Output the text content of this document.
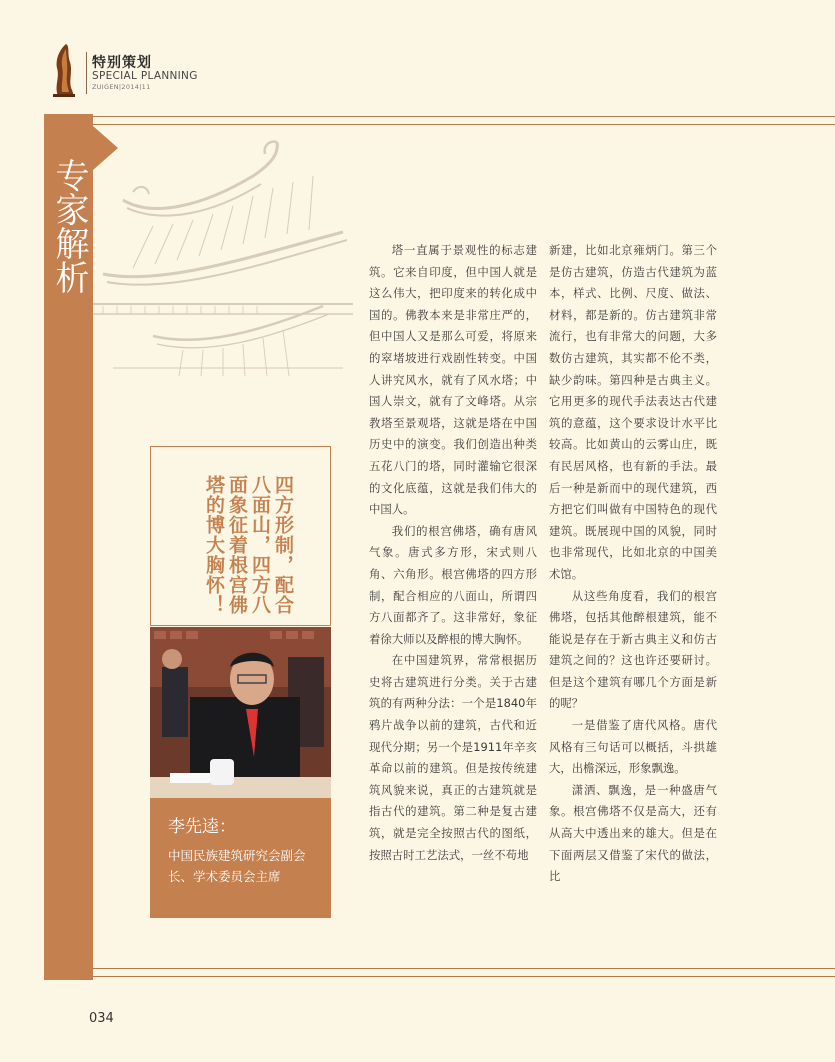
特别策划
SPECIAL PLANNING
ZUIGEN|2014|11
专家解析
四方形制，配合八面山，四方八面象征着根宫佛塔的博大胸怀！
李先逵：
中国民族建筑研究会副会长、学术委员会主席

塔一直属于景观性的标志建筑。它来自印度，但中国人就是这么伟大，把印度来的转化成中国的。佛教本来是非常庄严的，但中国人又是那么可爱，将原来的窣堵坡进行戏剧性转变。中国人讲究风水，就有了风水塔；中国人崇文，就有了文峰塔。从宗教塔至景观塔，这就是塔在中国历史中的演变。我们创造出种类五花八门的塔，同时灌输它很深的文化底蕴，这就是我们伟大的中国人。

我们的根宫佛塔，确有唐风气象。唐式多方形，宋式则八角、六角形。根宫佛塔的四方形制，配合相应的八面山，所谓四方八面都齐了。这非常好，象征着徐大师以及醉根的博大胸怀。

在中国建筑界，常常根据历史将古建筑进行分类。关于古建筑的有两种分法：一个是1840年鸦片战争以前的建筑，古代和近现代分期；另一个是1911年辛亥革命以前的建筑。但是按传统建筑风貌来说，真正的古建筑就是指古代的建筑。第二种是复古建筑，就是完全按照古代的图纸，按照古时工艺法式，一丝不苟地

新建，比如北京雍炳门。第三个是仿古建筑，仿造古代建筑为蓝本，样式、比例、尺度、做法、材料，都是新的。仿古建筑非常流行，也有非常大的问题，大多数仿古建筑，其实都不伦不类，缺少韵味。第四种是古典主义。它用更多的现代手法表达古代建筑的意蕴，这个要求设计水平比较高。比如黄山的云雾山庄，既有民居风格，也有新的手法。最后一种是新而中的现代建筑，西方把它们叫做有中国特色的现代建筑。既展现中国的风貌，同时也非常现代，比如北京的中国美术馆。

从这些角度看，我们的根宫佛塔，包括其他醉根建筑，能不能说是存在于新古典主义和仿古建筑之间的？这也许还要研讨。但是这个建筑有哪几个方面是新的呢？

一是借鉴了唐代风格。唐代风格有三句话可以概括，斗拱雄大，出檐深远，形象飘逸。

潇洒、飘逸，是一种盛唐气象。根宫佛塔不仅是高大，还有从高大中透出来的雄大。但是在下面两层又借鉴了宋代的做法，比

034
